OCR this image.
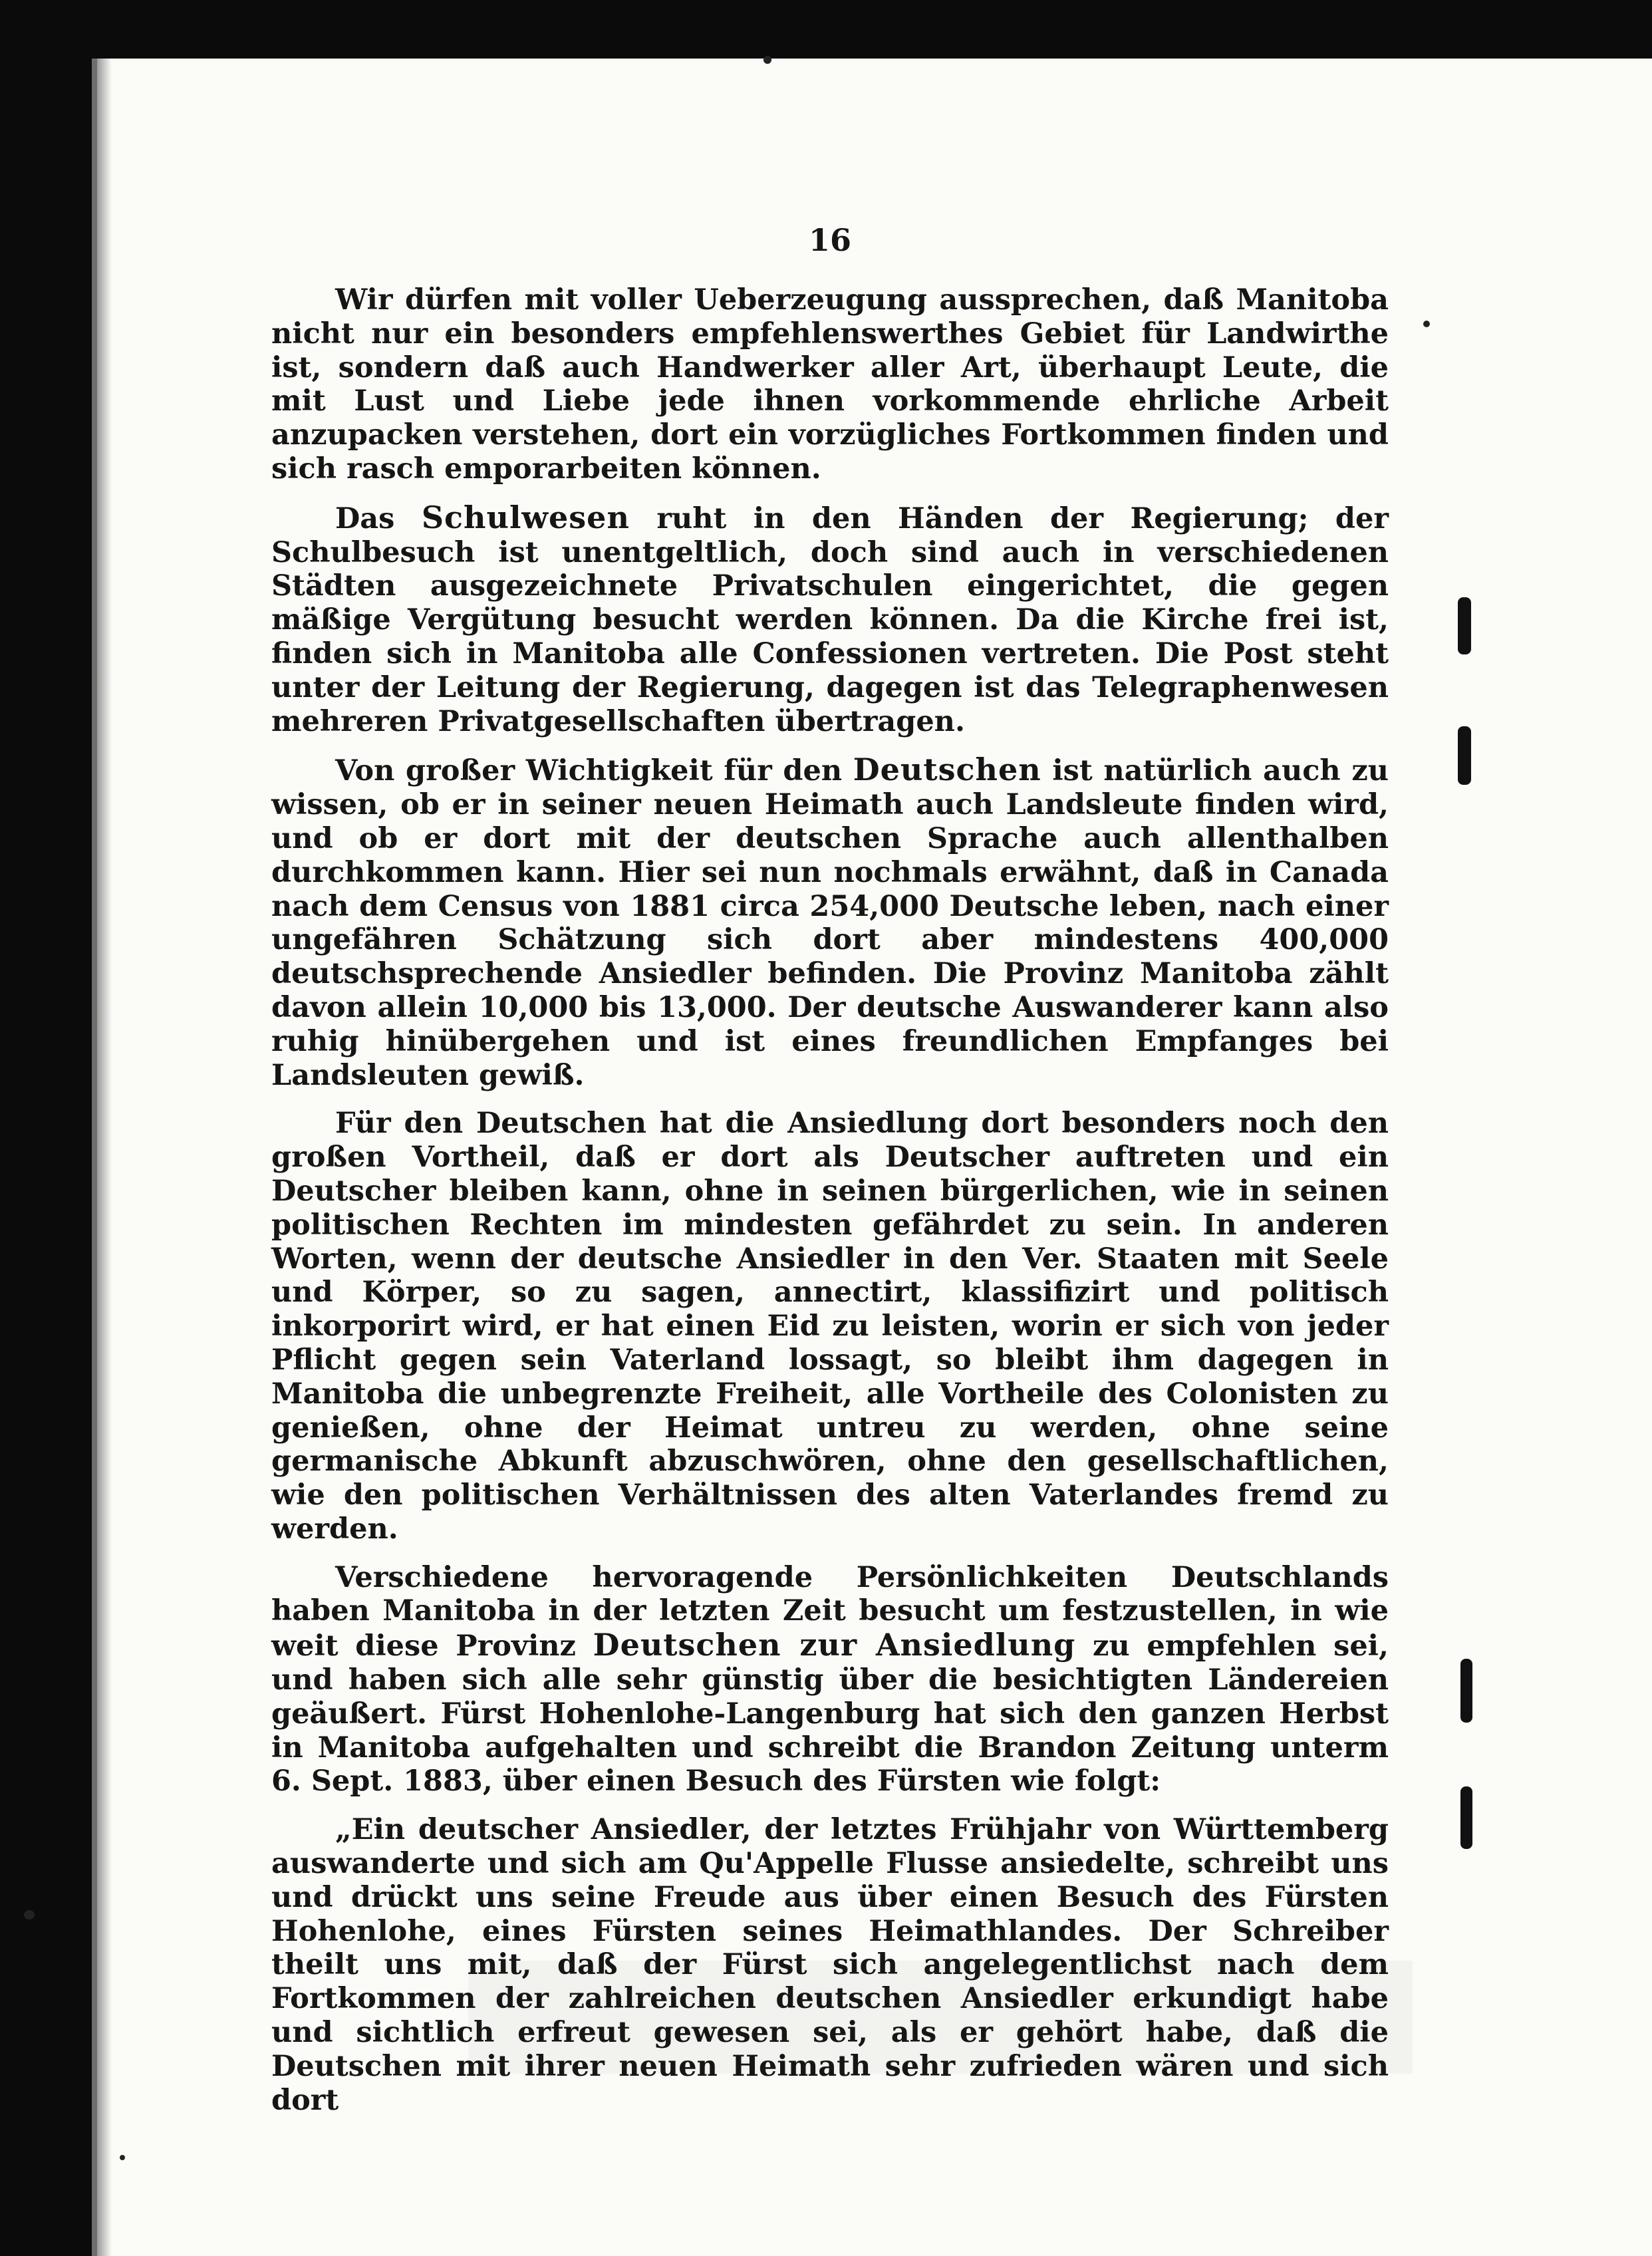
16

Wir dürfen mit voller Ueberzeugung aussprechen, daß Manitoba nicht nur ein besonders empfehlenswerthes Gebiet für Landwirthe ist, sondern daß auch Handwerker aller Art, überhaupt Leute, die mit Lust und Liebe jede ihnen vorkommende ehrliche Arbeit anzupacken verstehen, dort ein vorzügliches Fortkommen finden und sich rasch emporarbeiten können.

Das Schulwesen ruht in den Händen der Regierung; der Schulbesuch ist unentgeltlich, doch sind auch in verschiedenen Städten ausgezeichnete Privatschulen eingerichtet, die gegen mäßige Vergütung besucht werden können. Da die Kirche frei ist, finden sich in Manitoba alle Confessionen vertreten. Die Post steht unter der Leitung der Regierung, dagegen ist das Telegraphenwesen mehreren Privatgesellschaften übertragen.

Von großer Wichtigkeit für den Deutschen ist natürlich auch zu wissen, ob er in seiner neuen Heimath auch Landsleute finden wird, und ob er dort mit der deutschen Sprache auch allenthalben durchkommen kann. Hier sei nun nochmals erwähnt, daß in Canada nach dem Census von 1881 circa 254,000 Deutsche leben, nach einer ungefähren Schätzung sich dort aber mindestens 400,000 deutschsprechende Ansiedler befinden. Die Provinz Manitoba zählt davon allein 10,000 bis 13,000. Der deutsche Auswanderer kann also ruhig hinübergehen und ist eines freundlichen Empfanges bei Landsleuten gewiß.

Für den Deutschen hat die Ansiedlung dort besonders noch den großen Vortheil, daß er dort als Deutscher auftreten und ein Deutscher bleiben kann, ohne in seinen bürgerlichen, wie in seinen politischen Rechten im mindesten gefährdet zu sein. In anderen Worten, wenn der deutsche Ansiedler in den Ver. Staaten mit Seele und Körper, so zu sagen, annectirt, klassifizirt und politisch inkorporirt wird, er hat einen Eid zu leisten, worin er sich von jeder Pflicht gegen sein Vaterland lossagt, so bleibt ihm dagegen in Manitoba die unbegrenzte Freiheit, alle Vortheile des Colonisten zu genießen, ohne der Heimat untreu zu werden, ohne seine germanische Abkunft abzuschwören, ohne den gesellschaftlichen, wie den politischen Verhältnissen des alten Vaterlandes fremd zu werden.

Verschiedene hervoragende Persönlichkeiten Deutschlands haben Manitoba in der letzten Zeit besucht um festzustellen, in wie weit diese Provinz Deutschen zur Ansiedlung zu empfehlen sei, und haben sich alle sehr günstig über die besichtigten Ländereien geäußert. Fürst Hohenlohe-Langenburg hat sich den ganzen Herbst in Manitoba aufgehalten und schreibt die Brandon Zeitung unterm 6. Sept. 1883, über einen Besuch des Fürsten wie folgt:

„Ein deutscher Ansiedler, der letztes Frühjahr von Württemberg auswanderte und sich am Qu'Appelle Flusse ansiedelte, schreibt uns und drückt uns seine Freude aus über einen Besuch des Fürsten Hohenlohe, eines Fürsten seines Heimathlandes. Der Schreiber theilt uns mit, daß der Fürst sich angelegentlichst nach dem Fortkommen der zahlreichen deutschen Ansiedler erkundigt habe und sichtlich erfreut gewesen sei, als er gehört habe, daß die Deutschen mit ihrer neuen Heimath sehr zufrieden wären und sich dort
